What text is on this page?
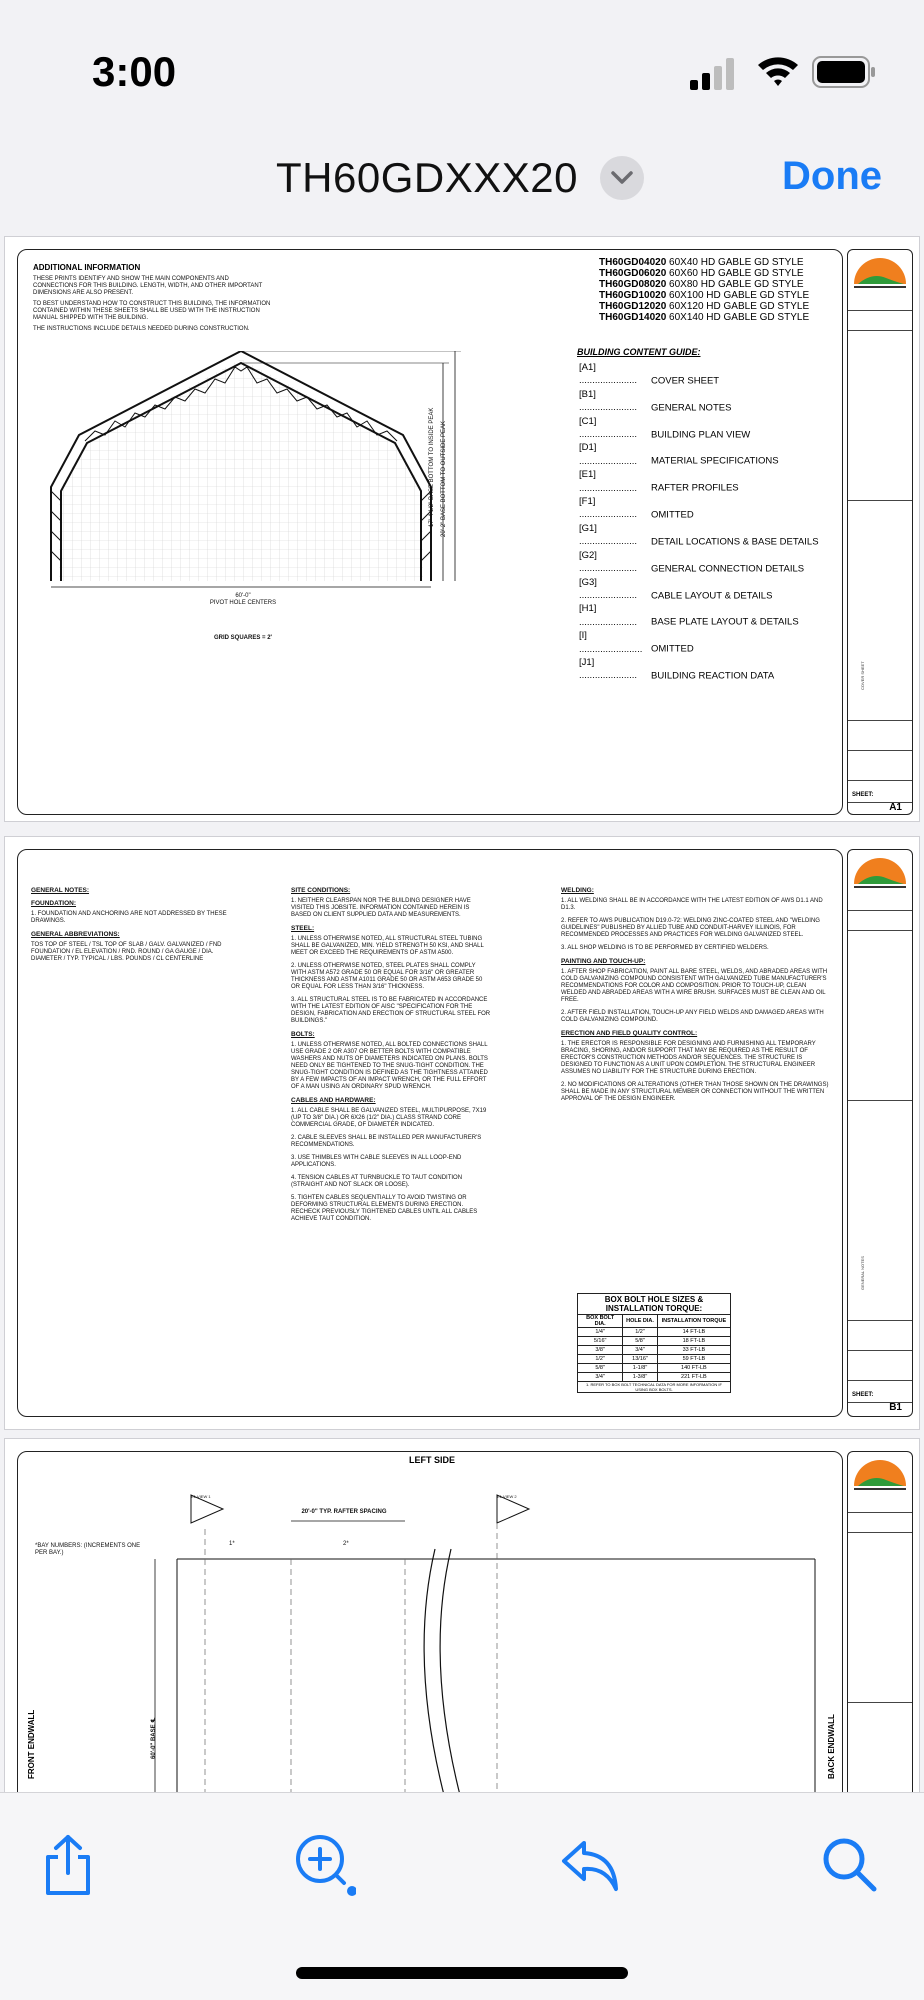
3:00
TH60GDXXX20	Done
ADDITIONAL INFORMATION
THESE PRINTS IDENTIFY AND SHOW THE MAIN COMPONENTS AND CONNECTIONS FOR THIS BUILDING. LENGTH, WIDTH, AND OTHER IMPORTANT DIMENSIONS ARE ALSO PRESENT.
TO BEST UNDERSTAND HOW TO CONSTRUCT THIS BUILDING, THE INFORMATION CONTAINED WITHIN THESE SHEETS SHALL BE USED WITH THE INSTRUCTION MANUAL SHIPPED WITH THE BUILDING.
THE INSTRUCTIONS INCLUDE DETAILS NEEDED DURING CONSTRUCTION.
TH60GD04020 60X40 HD GABLE GD STYLE
TH60GD06020 60X60 HD GABLE GD STYLE
TH60GD08020 60X80 HD GABLE GD STYLE
TH60GD10020 60X100 HD GABLE GD STYLE
TH60GD12020 60X120 HD GABLE GD STYLE
TH60GD14020 60X140 HD GABLE GD STYLE
BUILDING CONTENT GUIDE:
[A1] ...................... COVER SHEET
[B1] ...................... GENERAL NOTES
[C1] ...................... BUILDING PLAN VIEW
[D1] ...................... MATERIAL SPECIFICATIONS
[E1] ...................... RAFTER PROFILES
[F1] ...................... OMITTED
[G1] ...................... DETAIL LOCATIONS & BASE DETAILS
[G2] ...................... GENERAL CONNECTION DETAILS
[G3] ...................... CABLE LAYOUT & DETAILS
[H1] ...................... BASE PLATE LAYOUT & DETAILS
[I] ........................ OMITTED
[J1] ...................... BUILDING REACTION DATA
60'-0"
PIVOT HOLE CENTERS
17'-4 1/2" BASE BOTTOM TO INSIDE PEAK
20'-2" BASE BOTTOM TO OUTSIDE PEAK
GRID SQUARES = 2'
COVER SHEET
SHEET:
A1
GENERAL NOTES:
FOUNDATION:

1. FOUNDATION AND ANCHORING ARE NOT ADDRESSED BY THESE DRAWINGS.

GENERAL ABBREVIATIONS:

TOS TOP OF STEEL / TSL TOP OF SLAB / GALV. GALVANIZED / FND FOUNDATION / EL ELEVATION / RND. ROUND / GA GAUGE / DIA. DIAMETER / TYP. TYPICAL / LBS. POUNDS / CL CENTERLINE

SITE CONDITIONS:

1. NEITHER CLEARSPAN NOR THE BUILDING DESIGNER HAVE VISITED THIS JOBSITE. INFORMATION CONTAINED HEREIN IS BASED ON CLIENT SUPPLIED DATA AND MEASUREMENTS.

STEEL:

1. UNLESS OTHERWISE NOTED, ALL STRUCTURAL STEEL TUBING SHALL BE GALVANIZED, MIN. YIELD STRENGTH 50 KSI, AND SHALL MEET OR EXCEED THE REQUIREMENTS OF ASTM A500.

2. UNLESS OTHERWISE NOTED, STEEL PLATES SHALL COMPLY WITH ASTM A572 GRADE 50 OR EQUAL FOR 3/16" OR GREATER THICKNESS AND ASTM A1011 GRADE 50 OR ASTM A653 GRADE 50 OR EQUAL FOR LESS THAN 3/16" THICKNESS.

3. ALL STRUCTURAL STEEL IS TO BE FABRICATED IN ACCORDANCE WITH THE LATEST EDITION OF AISC "SPECIFICATION FOR THE DESIGN, FABRICATION AND ERECTION OF STRUCTURAL STEEL FOR BUILDINGS."

BOLTS:

1. UNLESS OTHERWISE NOTED, ALL BOLTED CONNECTIONS SHALL USE GRADE 2 OR A307 OR BETTER BOLTS WITH COMPATIBLE WASHERS AND NUTS OF DIAMETERS INDICATED ON PLANS. BOLTS NEED ONLY BE TIGHTENED TO THE SNUG-TIGHT CONDITION. THE SNUG-TIGHT CONDITION IS DEFINED AS THE TIGHTNESS ATTAINED BY A FEW IMPACTS OF AN IMPACT WRENCH, OR THE FULL EFFORT OF A MAN USING AN ORDINARY SPUD WRENCH.

CABLES AND HARDWARE:

1. ALL CABLE SHALL BE GALVANIZED STEEL, MULTIPURPOSE, 7X19 (UP TO 3/8" DIA.) OR 6X26 (1/2" DIA.) CLASS STRAND CORE COMMERCIAL GRADE, OF DIAMETER INDICATED.

2. CABLE SLEEVES SHALL BE INSTALLED PER MANUFACTURER'S RECOMMENDATIONS.

3. USE THIMBLES WITH CABLE SLEEVES IN ALL LOOP-END APPLICATIONS.

4. TENSION CABLES AT TURNBUCKLE TO TAUT CONDITION (STRAIGHT AND NOT SLACK OR LOOSE).

5. TIGHTEN CABLES SEQUENTIALLY TO AVOID TWISTING OR DEFORMING STRUCTURAL ELEMENTS DURING ERECTION. RECHECK PREVIOUSLY TIGHTENED CABLES UNTIL ALL CABLES ACHIEVE TAUT CONDITION.

WELDING:

1. ALL WELDING SHALL BE IN ACCORDANCE WITH THE LATEST EDITION OF AWS D1.1 AND D1.3.

2. REFER TO AWS PUBLICATION D19.0-72: WELDING ZINC-COATED STEEL AND "WELDING GUIDELINES" PUBLISHED BY ALLIED TUBE AND CONDUIT-HARVEY ILLINOIS, FOR RECOMMENDED PROCESSES AND PRACTICES FOR WELDING GALVANIZED STEEL.

3. ALL SHOP WELDING IS TO BE PERFORMED BY CERTIFIED WELDERS.

PAINTING AND TOUCH-UP:

1. AFTER SHOP FABRICATION, PAINT ALL BARE STEEL, WELDS, AND ABRADED AREAS WITH COLD GALVANIZING COMPOUND CONSISTENT WITH GALVANIZED TUBE MANUFACTURER'S RECOMMENDATIONS FOR COLOR AND COMPOSITION. PRIOR TO TOUCH-UP, CLEAN WELDED AND ABRADED AREAS WITH A WIRE BRUSH. SURFACES MUST BE CLEAN AND OIL FREE.

2. AFTER FIELD INSTALLATION, TOUCH-UP ANY FIELD WELDS AND DAMAGED AREAS WITH COLD GALVANIZING COMPOUND.

ERECTION AND FIELD QUALITY CONTROL:

1. THE ERECTOR IS RESPONSIBLE FOR DESIGNING AND FURNISHING ALL TEMPORARY BRACING, SHORING, AND/OR SUPPORT THAT MAY BE REQUIRED AS THE RESULT OF ERECTOR'S CONSTRUCTION METHODS AND/OR SEQUENCES. THE STRUCTURE IS DESIGNED TO FUNCTION AS A UNIT UPON COMPLETION. THE STRUCTURAL ENGINEER ASSUMES NO LIABILITY FOR THE STRUCTURE DURING ERECTION.

2. NO MODIFICATIONS OR ALTERATIONS (OTHER THAN THOSE SHOWN ON THE DRAWINGS) SHALL BE MADE IN ANY STRUCTURAL MEMBER OR CONNECTION WITHOUT THE WRITTEN APPROVAL OF THE DESIGN ENGINEER.

BOX BOLT HOLE SIZES & INSTALLATION TORQUE:
BOX BOLT DIA.	HOLE DIA.	INSTALLATION TORQUE
1/4"	1/2"	14 FT-LB
5/16"	5/8"	18 FT-LB
3/8"	3/4"	33 FT-LB
1/2"	13/16"	59 FT-LB
5/8"	1-1/8"	140 FT-LB
3/4"	1-3/8"	221 FT-LB
1. REFER TO BOX BOLT TECHNICAL DATA FOR MORE INFORMATION IF USING BOX BOLTS.		
GENERAL NOTES
SHEET:
B1
LEFT SIDE
*BAY NUMBERS: (INCREMENTS ONE PER BAY.)
20'-0" TYP. RAFTER SPACING
1*	2*
E1 VIEW 1	E1 VIEW 2
FRONT ENDWALL	BACK ENDWALL
60'-0" BASE ℄
